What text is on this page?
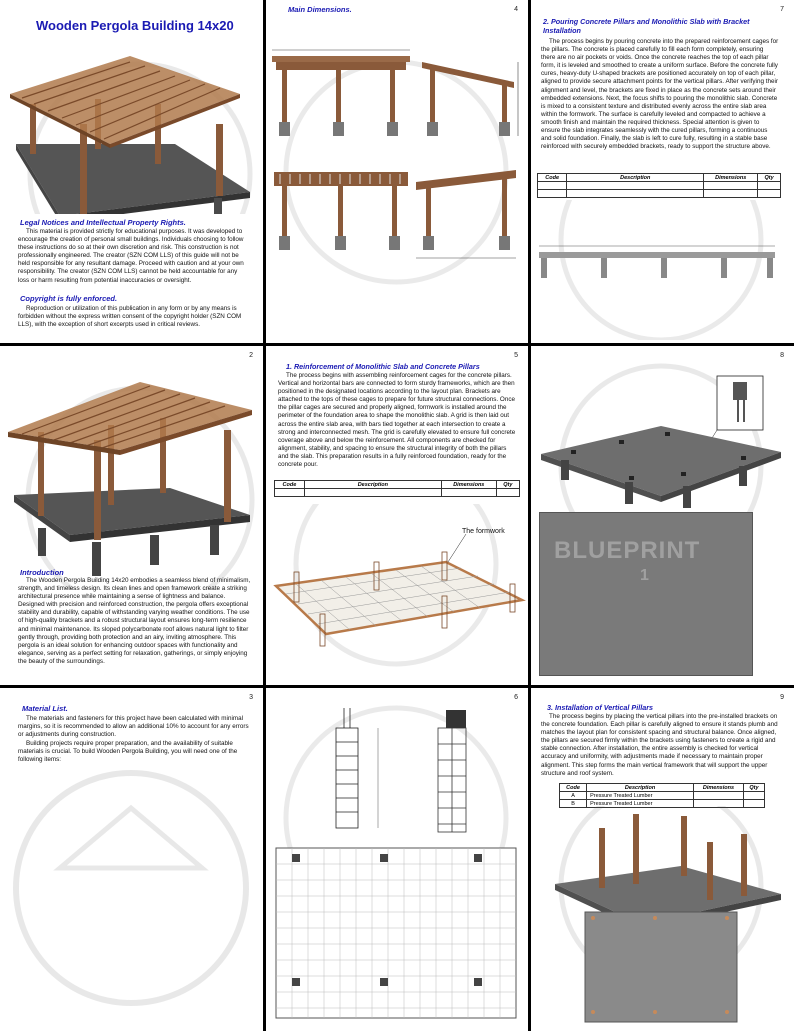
Wooden Pergola Building 14x20
Legal Notices and Intellectual Property Rights.

This material is provided strictly for educational purposes. It was developed to encourage the creation of personal small buildings. Individuals choosing to follow these instructions do so at their own discretion and risk. This construction is not professionally engineered. The creator (SZN COM LLS) of this guide will not be held responsible for any resultant damage. Proceed with caution and at your own responsibility. The creator (SZN COM LLS) cannot be held accountable for any loss or harm resulting from potential inaccuracies or oversight.

Copyright is fully enforced.

Reproduction or utilization of this publication in any form or by any means is forbidden without the express written consent of the copyright holder (SZN COM LLS), with the exception of short excerpts used in critical reviews.

4
Main Dimensions.	7
2. Pouring Concrete Pillars and Monolithic Slab with Bracket Installation

The process begins by pouring concrete into the prepared reinforcement cages for the pillars. The concrete is placed carefully to fill each form completely, ensuring there are no air pockets or voids. Once the concrete reaches the top of each pillar form, it is leveled and smoothed to create a uniform surface. Before the concrete fully cures, heavy-duty U-shaped brackets are positioned accurately on top of each pillar, aligned to provide secure attachment points for the vertical pillars. After verifying their alignment and level, the brackets are fixed in place as the concrete sets around their embedded extensions. Next, the focus shifts to pouring the monolithic slab. Concrete is mixed to a consistent texture and distributed evenly across the entire slab area within the formwork. The surface is carefully leveled and compacted to achieve a smooth finish and maintain the required thickness. Special attention is given to ensure the slab integrates seamlessly with the cured pillars, forming a continuous and solid foundation. Finally, the slab is left to cure fully, resulting in a stable base reinforced with securely embedded brackets, ready to support the structure above.

Code	Description	Dimensions	Qty

2
Introduction

The Wooden Pergola Building 14x20 embodies a seamless blend of minimalism, strength, and timeless design. Its clean lines and open framework create a striking architectural presence while maintaining a sense of lightness and balance. Designed with precision and reinforced construction, the pergola offers exceptional stability and durability, capable of withstanding varying weather conditions. The use of high-quality brackets and a robust structural layout ensures long-term resilience and minimal maintenance. Its sloped polycarbonate roof allows natural light to filter gently through, providing both protection and an airy, inviting atmosphere. This pergola is an ideal solution for enhancing outdoor spaces with functionality and elegance, serving as a perfect setting for relaxation, gatherings, or simply enjoying the beauty of the surroundings.

5
1. Reinforcement of Monolithic Slab and Concrete Pillars

The process begins with assembling reinforcement cages for the concrete pillars. Vertical and horizontal bars are connected to form sturdy frameworks, which are then positioned in the designated locations according to the layout plan. Brackets are attached to the tops of these cages to prepare for future structural connections. Once the pillar cages are secured and properly aligned, formwork is installed around the perimeter of the foundation area to shape the monolithic slab. A grid is then laid out across the entire slab area, with bars tied together at each intersection to create a strong and interconnected mesh. The grid is carefully elevated to ensure full concrete coverage above and below the reinforcement. All components are checked for alignment, stability, and spacing to ensure the structural integrity of both the pillars and the slab. This preparation results in a fully reinforced foundation, ready for the concrete pour.

Code	Description	Dimensions	Qty

The formwork
8
BLUEPRINT
1
3
Material List.

The materials and fasteners for this project have been calculated with minimal margins, so it is recommended to allow an additional 10% to account for any errors or adjustments during construction.

Building projects require proper preparation, and the availability of suitable materials is crucial. To build Wooden Pergola Building, you will need one of the following items:

6	9
3. Installation of Vertical Pillars

The process begins by placing the vertical pillars into the pre-installed brackets on the concrete foundation. Each pillar is carefully aligned to ensure it stands plumb and matches the layout plan for consistent spacing and structural balance. Once aligned, the pillars are secured firmly within the brackets using fasteners to create a rigid and stable connection. After installation, the entire assembly is checked for vertical accuracy and uniformity, with adjustments made if necessary to maintain proper alignment. This step forms the main vertical framework that will support the upper structure and roof system.

Code	Description	Dimensions	Qty
A	Pressure Treated Lumber		
B	Pressure Treated Lumber		
